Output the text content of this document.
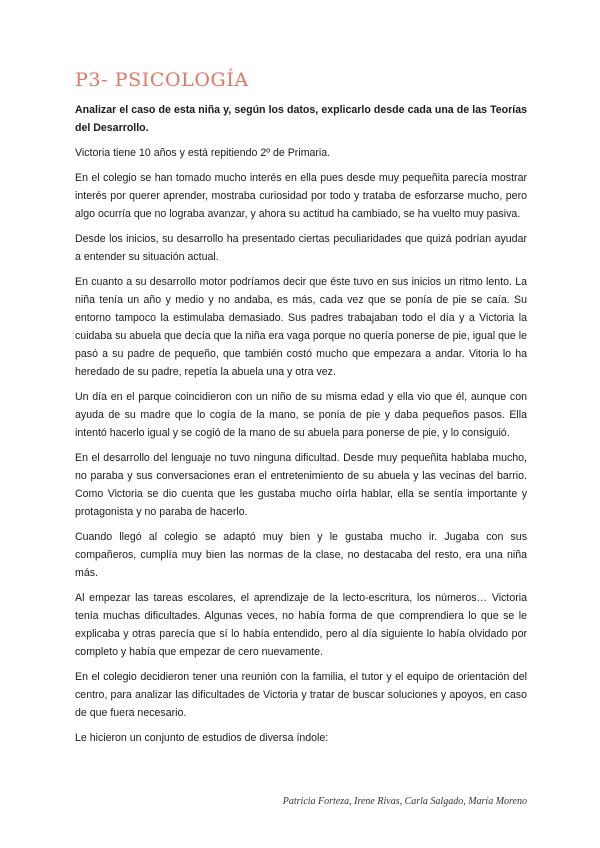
P3- PSICOLOGÍA

Analizar el caso de esta niña y, según los datos, explicarlo desde cada una de las Teorías del Desarrollo.

Victoria tiene 10 años y está repitiendo 2º de Primaria.

En el colegio se han tomado mucho interés en ella pues desde muy pequeñita parecía mostrar interés por querer aprender, mostraba curiosidad por todo y trataba de esforzarse mucho, pero algo ocurría que no lograba avanzar, y ahora su actitud ha cambiado, se ha vuelto muy pasiva.

Desde los inicios, su desarrollo ha presentado ciertas peculiaridades que quizá podrían ayudar a entender su situación actual.

En cuanto a su desarrollo motor podríamos decir que éste tuvo en sus inicios un ritmo lento. La niña tenía un año y medio y no andaba, es más, cada vez que se ponía de pie se caía. Su entorno tampoco la estimulaba demasiado. Sus padres trabajaban todo el día y a Victoria la cuidaba su abuela que decía que la niña era vaga porque no quería ponerse de pie, igual que le pasó a su padre de pequeño, que también costó mucho que empezara a andar. Vitoria lo ha heredado de su padre, repetía la abuela una y otra vez.

Un día en el parque coincidieron con un niño de su misma edad y ella vio que él, aunque con ayuda de su madre que lo cogía de la mano, se ponía de pie y daba pequeños pasos. Ella intentó hacerlo igual y se cogió de la mano de su abuela para ponerse de pie, y lo consiguió.

En el desarrollo del lenguaje no tuvo ninguna dificultad. Desde muy pequeñita hablaba mucho, no paraba y sus conversaciones eran el entretenimiento de su abuela y las vecinas del barrio. Como Victoria se dio cuenta que les gustaba mucho oírla hablar, ella se sentía importante y protagonista y no paraba de hacerlo.

Cuando llegó al colegio se adaptó muy bien y le gustaba mucho ir. Jugaba con sus compañeros, cumplía muy bien las normas de la clase, no destacaba del resto, era una niña más.

Al empezar las tareas escolares, el aprendizaje de la lecto-escritura, los números… Victoria tenía muchas dificultades. Algunas veces, no había forma de que comprendiera lo que se le explicaba y otras parecía que sí lo había entendido, pero al día siguiente lo había olvidado por completo y había que empezar de cero nuevamente.

En el colegio decidieron tener una reunión con la familia, el tutor y el equipo de orientación del centro, para analizar las dificultades de Victoria y tratar de buscar soluciones y apoyos, en caso de que fuera necesario.

Le hicieron un conjunto de estudios de diversa índole:

Patricia Forteza, Irene Rivas, Carla Salgado, María Moreno
